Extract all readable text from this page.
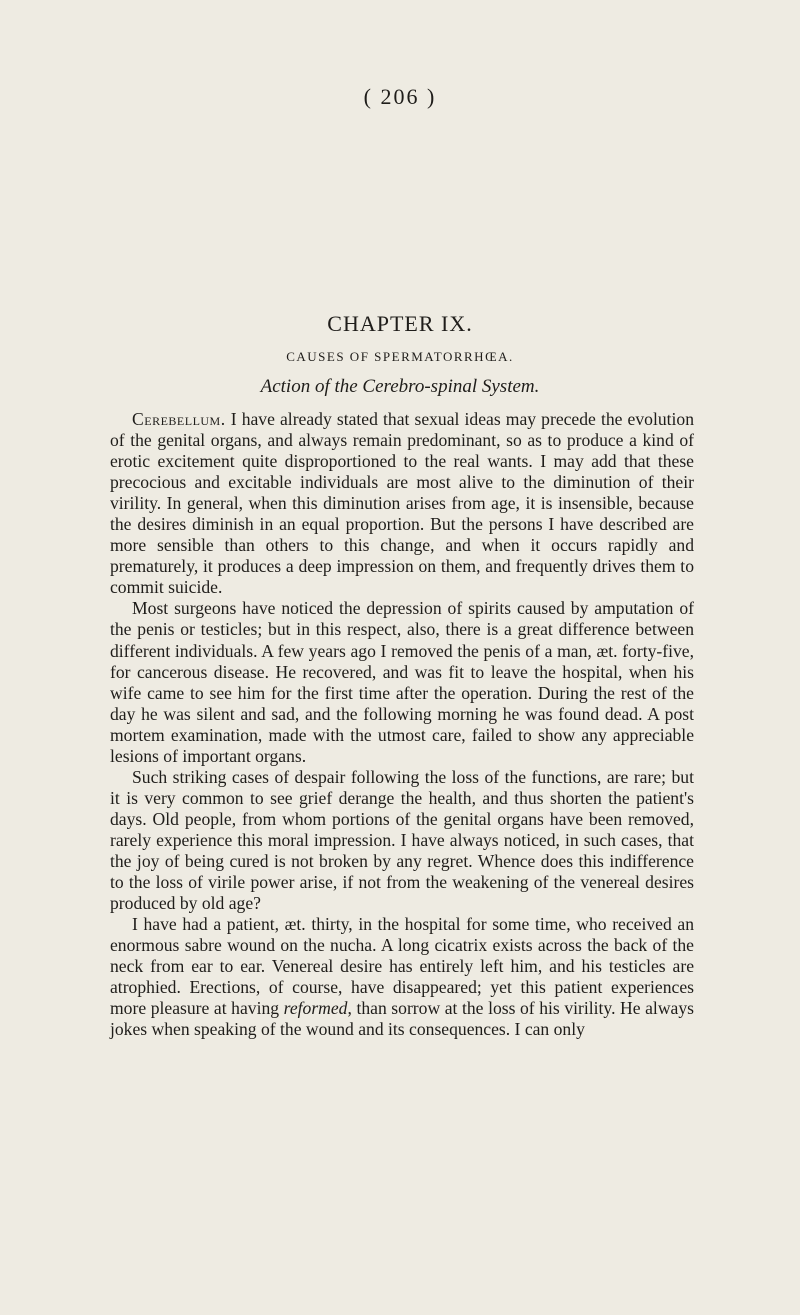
( 206 )
CHAPTER IX.
CAUSES OF SPERMATORRHŒA.
Action of the Cerebro-spinal System.

Cerebellum. I have already stated that sexual ideas may precede the evolution of the genital organs, and always remain predominant, so as to produce a kind of erotic excitement quite disproportioned to the real wants. I may add that these precocious and excitable individuals are most alive to the diminution of their virility. In general, when this diminution arises from age, it is insensible, because the desires diminish in an equal proportion. But the persons I have described are more sensible than others to this change, and when it occurs rapidly and prematurely, it produces a deep impression on them, and frequently drives them to commit suicide.

Most surgeons have noticed the depression of spirits caused by amputation of the penis or testicles; but in this respect, also, there is a great difference between different individuals. A few years ago I removed the penis of a man, æt. forty-five, for cancerous disease. He recovered, and was fit to leave the hospital, when his wife came to see him for the first time after the operation. During the rest of the day he was silent and sad, and the following morning he was found dead. A post mortem examination, made with the utmost care, failed to show any appreciable lesions of important organs.

Such striking cases of despair following the loss of the functions, are rare; but it is very common to see grief derange the health, and thus shorten the patient's days. Old people, from whom portions of the genital organs have been removed, rarely experience this moral impression. I have always noticed, in such cases, that the joy of being cured is not broken by any regret. Whence does this indifference to the loss of virile power arise, if not from the weakening of the venereal desires produced by old age?

I have had a patient, æt. thirty, in the hospital for some time, who received an enormous sabre wound on the nucha. A long cicatrix exists across the back of the neck from ear to ear. Venereal desire has entirely left him, and his testicles are atrophied. Erections, of course, have disappeared; yet this patient experiences more pleasure at having reformed, than sorrow at the loss of his virility. He always jokes when speaking of the wound and its consequences. I can only
